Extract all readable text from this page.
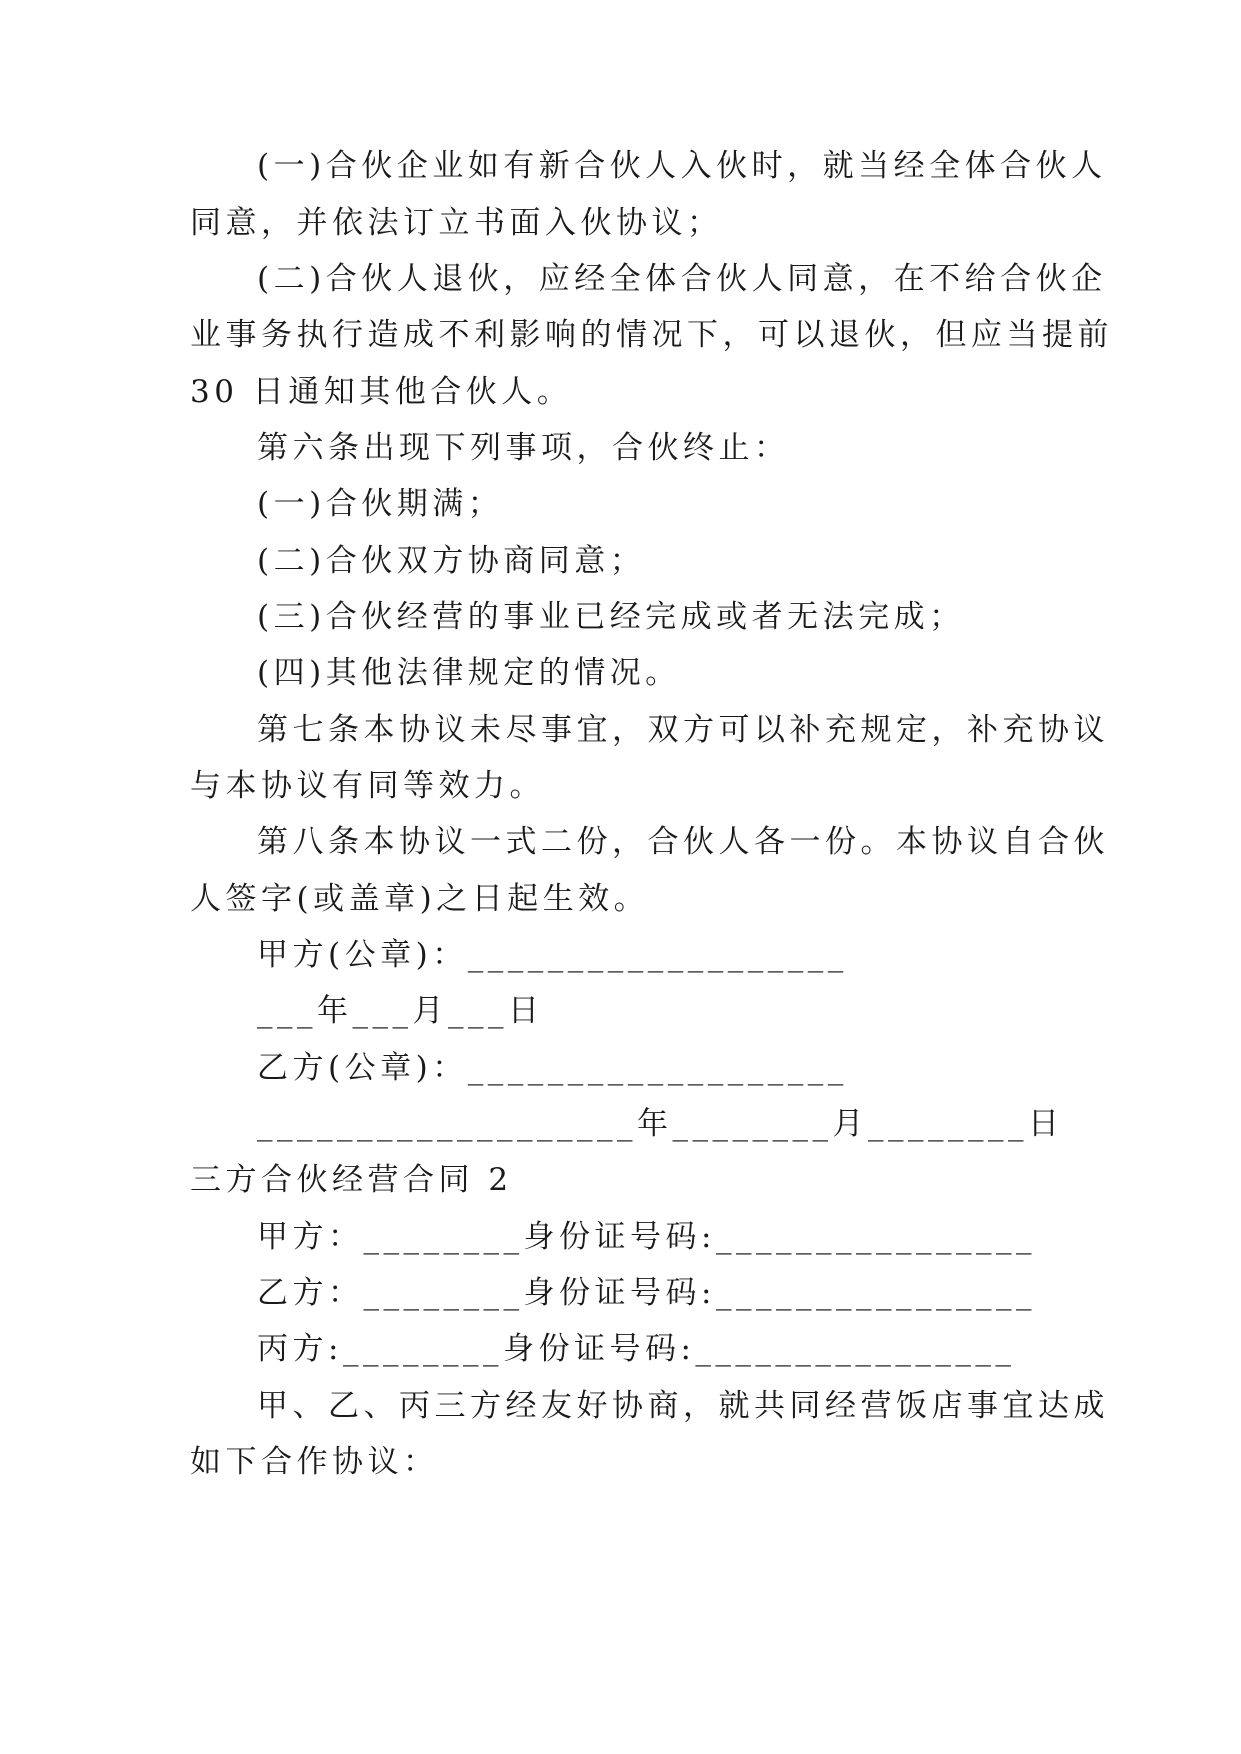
(一)合伙企业如有新合伙人入伙时，就当经全体合伙人
同意，并依法订立书面入伙协议；
(二)合伙人退伙，应经全体合伙人同意，在不给合伙企
业事务执行造成不利影响的情况下，可以退伙，但应当提前
30 日通知其他合伙人。
第六条出现下列事项，合伙终止：
(一)合伙期满；
(二)合伙双方协商同意；
(三)合伙经营的事业已经完成或者无法完成；
(四)其他法律规定的情况。
第七条本协议未尽事宜，双方可以补充规定，补充协议
与本协议有同等效力。
第八条本协议一式二份，合伙人各一份。本协议自合伙
人签字(或盖章)之日起生效。
甲方(公章)：___________________
___年___月___日
乙方(公章)：___________________
___________________年________月________日
三方合伙经营合同 2
甲方：________身份证号码:________________
乙方：________身份证号码:________________
丙方:________身份证号码:________________
甲、乙、丙三方经友好协商，就共同经营饭店事宜达成
如下合作协议：
